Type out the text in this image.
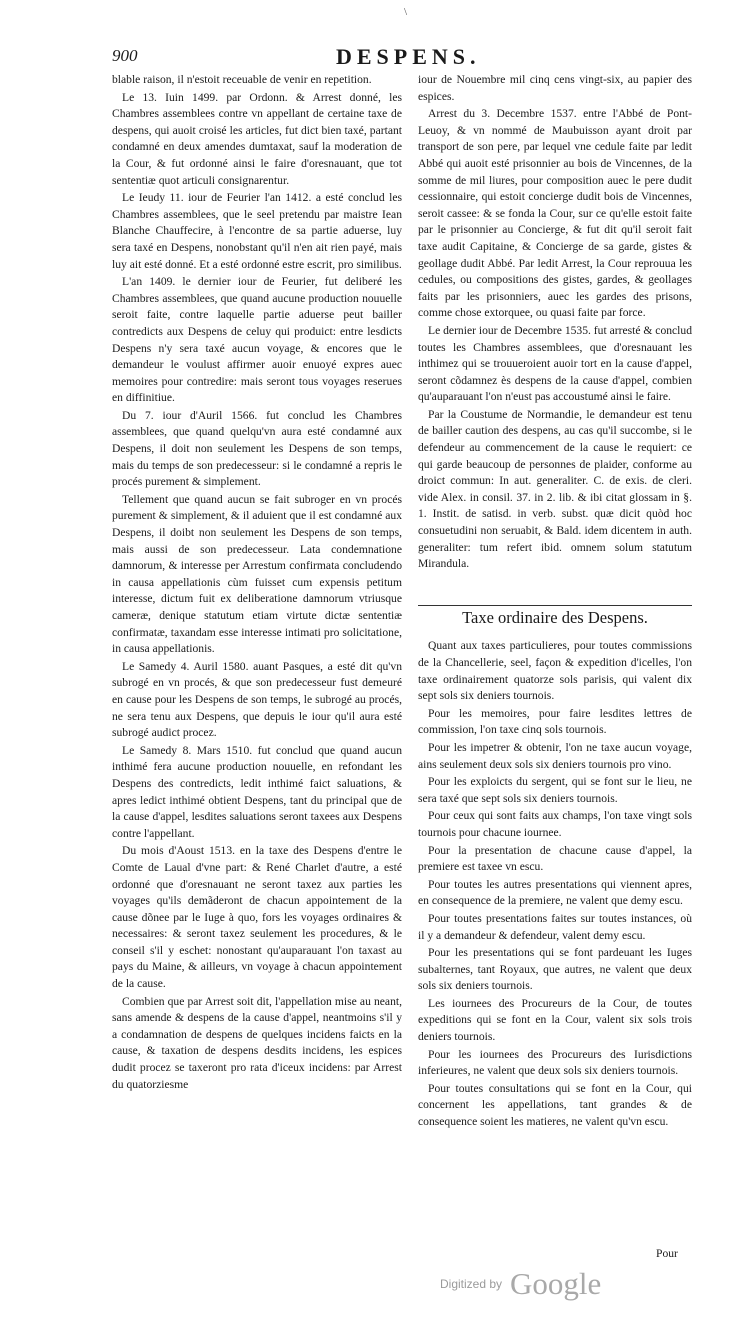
\
900	DESPENS.

blable raison, il n'estoit receuable de venir en repetition.

Le 13. Iuin 1499. par Ordonn. & Arrest donné, les Chambres assemblees contre vn appellant de certaine taxe de despens, qui auoit croisé les articles, fut dict bien taxé, partant condamné en deux amendes dumtaxat, sauf la moderation de la Cour, & fut ordonné ainsi le faire d'oresnauant, que tot sententiæ quot articuli consignarentur.

Le Ieudy 11. iour de Feurier l'an 1412. a esté conclud les Chambres assemblees, que le seel pretendu par maistre Iean Blanche Chauffecire, à l'encontre de sa partie aduerse, luy sera taxé en Despens, nonobstant qu'il n'en ait rien payé, mais luy ait esté donné. Et a esté ordonné estre escrit, pro similibus.

L'an 1409. le dernier iour de Feurier, fut deliberé les Chambres assemblees, que quand aucune production nouuelle seroit faite, contre laquelle partie aduerse peut bailler contredicts aux Despens de celuy qui produict: entre lesdicts Despens n'y sera taxé aucun voyage, & encores que le demandeur le voulust affirmer auoir enuoyé expres auec memoires pour contredire: mais seront tous voyages reserues en diffinitiue.

Du 7. iour d'Auril 1566. fut conclud les Chambres assemblees, que quand quelqu'vn aura esté condamné aux Despens, il doit non seulement les Despens de son temps, mais du temps de son predecesseur: si le condamné a repris le procés purement & simplement.

Tellement que quand aucun se fait subroger en vn procés purement & simplement, & il aduient que il est condamné aux Despens, il doibt non seulement les Despens de son temps, mais aussi de son predecesseur. Lata condemnatione damnorum, & interesse per Arrestum confirmata concludendo in causa appellationis cùm fuisset cum expensis petitum interesse, dictum fuit ex deliberatione damnorum vtriusque cameræ, denique statutum etiam virtute dictæ sententiæ confirmatæ, taxandam esse interesse intimati pro solicitatione, in causa appellationis.

Le Samedy 4. Auril 1580. auant Pasques, a esté dit qu'vn subrogé en vn procés, & que son predecesseur fust demeuré en cause pour les Despens de son temps, le subrogé au procés, ne sera tenu aux Despens, que depuis le iour qu'il aura esté subrogé audict procez.

Le Samedy 8. Mars 1510. fut conclud que quand aucun inthimé fera aucune production nouuelle, en refondant les Despens des contredicts, ledit inthimé faict saluations, & apres ledict inthimé obtient Despens, tant du principal que de la cause d'appel, lesdites saluations seront taxees aux Despens contre l'appellant.

Du mois d'Aoust 1513. en la taxe des Despens d'entre le Comte de Laual d'vne part: & René Charlet d'autre, a esté ordonné que d'oresnauant ne seront taxez aux parties les voyages qu'ils demãderont de chacun appointement de la cause dõnee par le Iuge à quo, fors les voyages ordinaires & necessaires: & seront taxez seulement les procedures, & le conseil s'il y eschet: nonostant qu'auparauant l'on taxast au pays du Maine, & ailleurs, vn voyage à chacun appointement de la cause.

Combien que par Arrest soit dit, l'appellation mise au neant, sans amende & despens de la cause d'appel, neantmoins s'il y a condamnation de despens de quelques incidens faicts en la cause, & taxation de despens desdits incidens, les espices dudit procez se taxeront pro rata d'iceux incidens: par Arrest du quatorziesme

iour de Nouembre mil cinq cens vingt-six, au papier des espices.

Arrest du 3. Decembre 1537. entre l'Abbé de Pont-Leuoy, & vn nommé de Maubuisson ayant droit par transport de son pere, par lequel vne cedule faite par ledit Abbé qui auoit esté prisonnier au bois de Vincennes, de la somme de mil liures, pour composition auec le pere dudit cessionnaire, qui estoit concierge dudit bois de Vincennes, seroit cassee: & se fonda la Cour, sur ce qu'elle estoit faite par le prisonnier au Concierge, & fut dit qu'il seroit fait taxe audit Capitaine, & Concierge de sa garde, gistes & geollage dudit Abbé. Par ledit Arrest, la Cour reprouua les cedules, ou compositions des gistes, gardes, & geollages faits par les prisonniers, auec les gardes des prisons, comme chose extorquee, ou quasi faite par force.

Le dernier iour de Decembre 1535. fut arresté & conclud toutes les Chambres assemblees, que d'oresnauant les inthimez qui se trouueroient auoir tort en la cause d'appel, seront cõdamnez ès despens de la cause d'appel, combien qu'auparauant l'on n'eust pas accoustumé ainsi le faire.

Par la Coustume de Normandie, le demandeur est tenu de bailler caution des despens, au cas qu'il succombe, si le defendeur au commencement de la cause le requiert: ce qui garde beaucoup de personnes de plaider, conforme au droict commun: In aut. generaliter. C. de exis. de cleri. vide Alex. in consil. 37. in 2. lib. & ibi citat glossam in §. 1. Instit. de satisd. in verb. subst. quæ dicit quòd hoc consuetudini non seruabit, & Bald. idem dicentem in auth. generaliter: tum refert ibid. omnem solum statutum Mirandula.

Taxe ordinaire des Despens.

Quant aux taxes particulieres, pour toutes commissions de la Chancellerie, seel, façon & expedition d'icelles, l'on taxe ordinairement quatorze sols parisis, qui valent dix sept sols six deniers tournois.

Pour les memoires, pour faire lesdites lettres de commission, l'on taxe cinq sols tournois.

Pour les impetrer & obtenir, l'on ne taxe aucun voyage, ains seulement deux sols six deniers tournois pro vino.

Pour les exploicts du sergent, qui se font sur le lieu, ne sera taxé que sept sols six deniers tournois.

Pour ceux qui sont faits aux champs, l'on taxe vingt sols tournois pour chacune iournee.

Pour la presentation de chacune cause d'appel, la premiere est taxee vn escu.

Pour toutes les autres presentations qui viennent apres, en consequence de la premiere, ne valent que demy escu.

Pour toutes presentations faites sur toutes instances, où il y a demandeur & defendeur, valent demy escu.

Pour les presentations qui se font pardeuant les Iuges subalternes, tant Royaux, que autres, ne valent que deux sols six deniers tournois.

Les iournees des Procureurs de la Cour, de toutes expeditions qui se font en la Cour, valent six sols trois deniers tournois.

Pour les iournees des Procureurs des Iurisdictions inferieures, ne valent que deux sols six deniers tournois.

Pour toutes consultations qui se font en la Cour, qui concernent les appellations, tant grandes & de consequence soient les matieres, ne valent qu'vn escu.

Pour
Digitized by Google
